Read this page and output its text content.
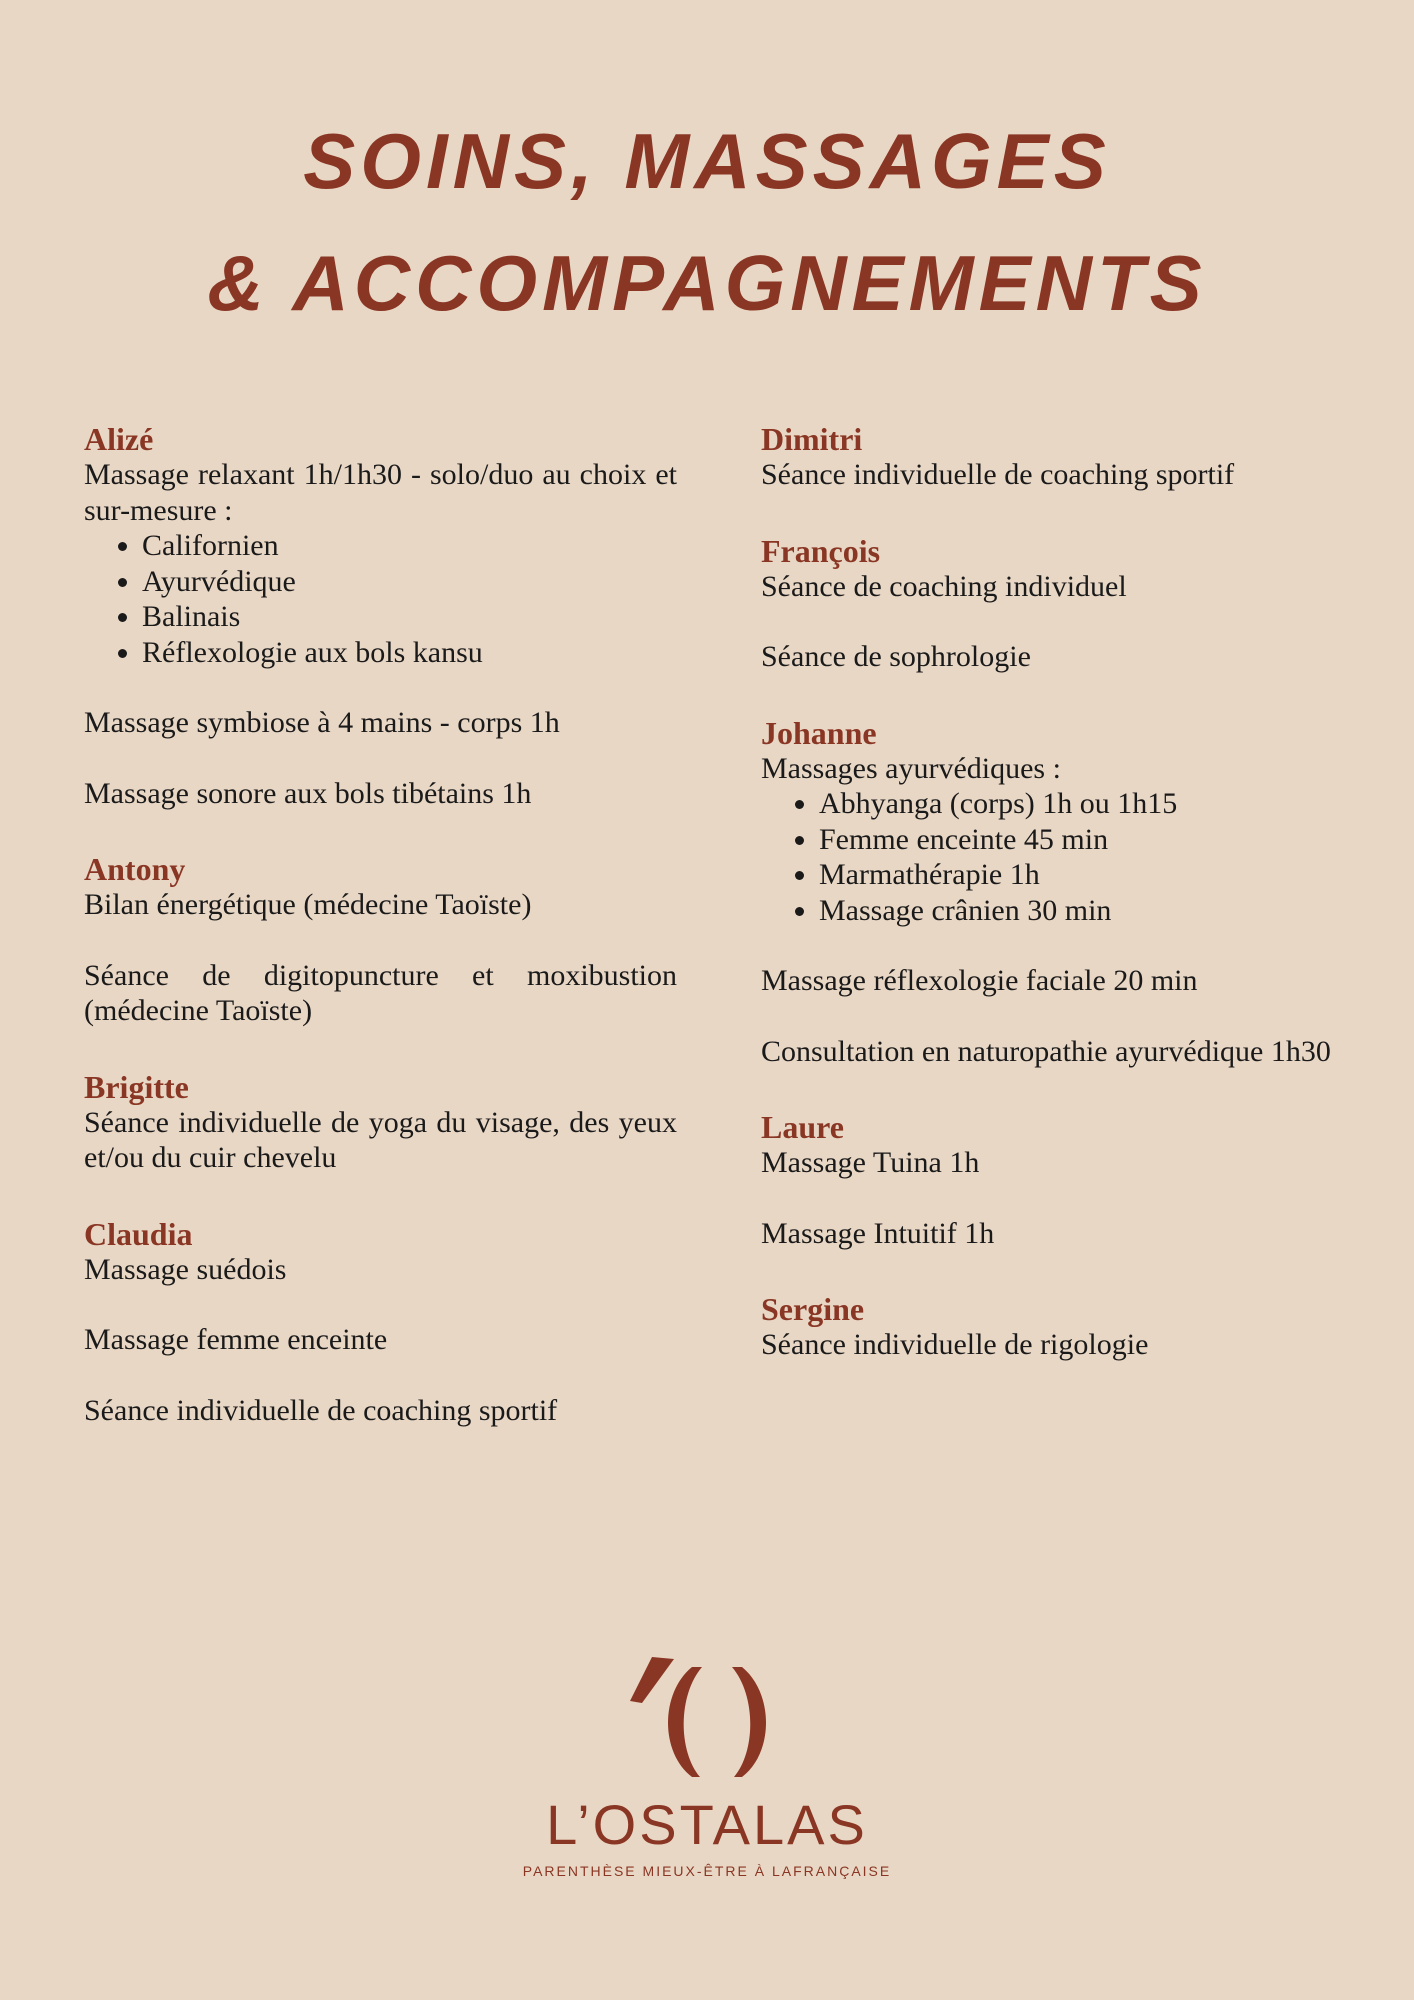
SOINS, MASSAGES
& ACCOMPAGNEMENTS
Alizé
Massage relaxant 1h/1h30 - solo/duo au choix et sur-mesure :
• Californien
• Ayurvédique
• Balinais
• Réflexologie aux bols kansu
Massage symbiose à 4 mains - corps 1h
Massage sonore aux bols tibétains 1h
Antony
Bilan énergétique (médecine Taoïste)
Séance de digitopuncture et moxibustion (médecine Taoïste)
Brigitte
Séance individuelle de yoga du visage, des yeux et/ou du cuir chevelu
Claudia
Massage suédois
Massage femme enceinte
Séance individuelle de coaching sportif
Dimitri
Séance individuelle de coaching sportif
François
Séance de coaching individuel
Séance de sophrologie
Johanne
Massages ayurvédiques :
• Abhyanga (corps) 1h ou 1h15
• Femme enceinte 45 min
• Marmathérapie 1h
• Massage crânien 30 min
Massage réflexologie faciale 20 min
Consultation en naturopathie ayurvédique 1h30
Laure
Massage Tuina 1h
Massage Intuitif 1h
Sergine
Séance individuelle de rigologie
L’OSTALAS
PARENTHÈSE MIEUX-ÊTRE À LAFRANÇAISE
